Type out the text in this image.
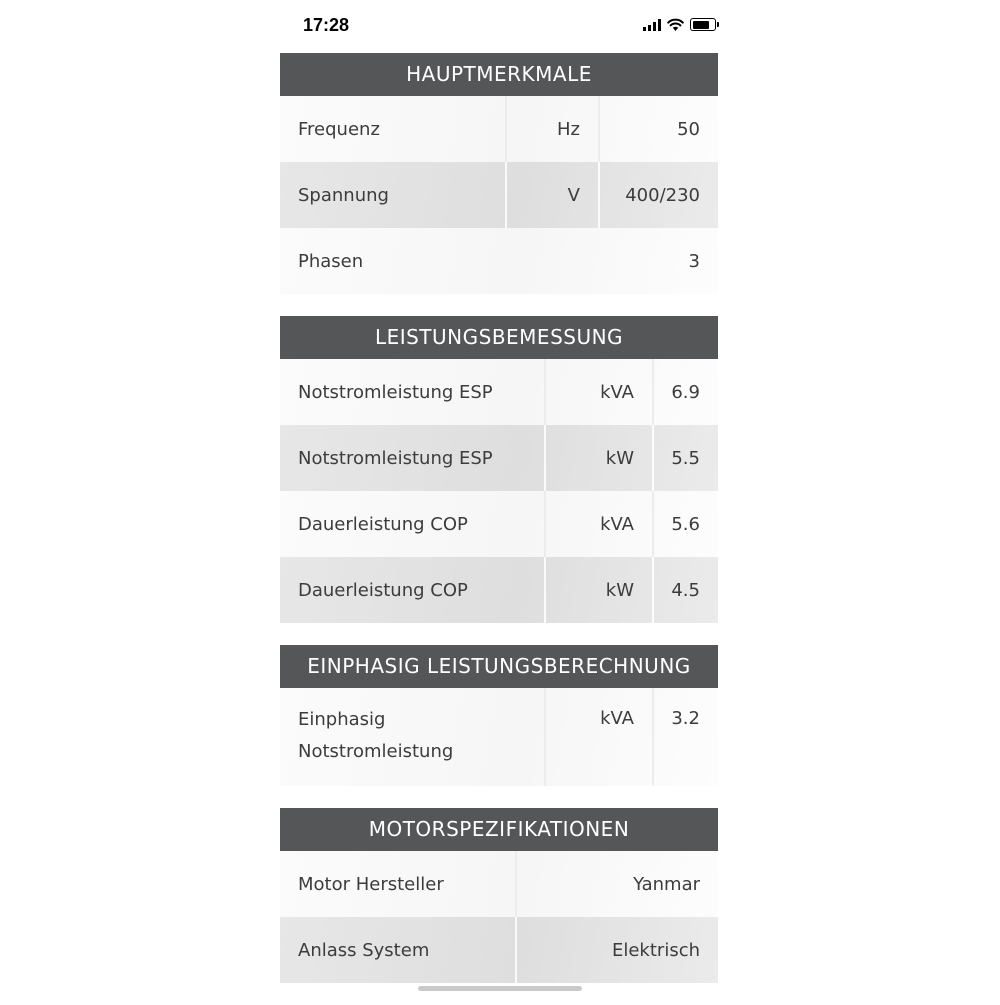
17:28
HAUPTMERKMALE
Frequenz	Hz	50
Spannung	V	400/230
Phasen	3
LEISTUNGSBEMESSUNG
Notstromleistung ESP	kVA	6.9
Notstromleistung ESP	kW	5.5
Dauerleistung COP	kVA	5.6
Dauerleistung COP	kW	4.5
EINPHASIG LEISTUNGSBERECHNUNG
Einphasig
Notstromleistung
kVA	3.2
MOTORSPEZIFIKATIONEN
Motor Hersteller	Yanmar
Anlass System	Elektrisch
